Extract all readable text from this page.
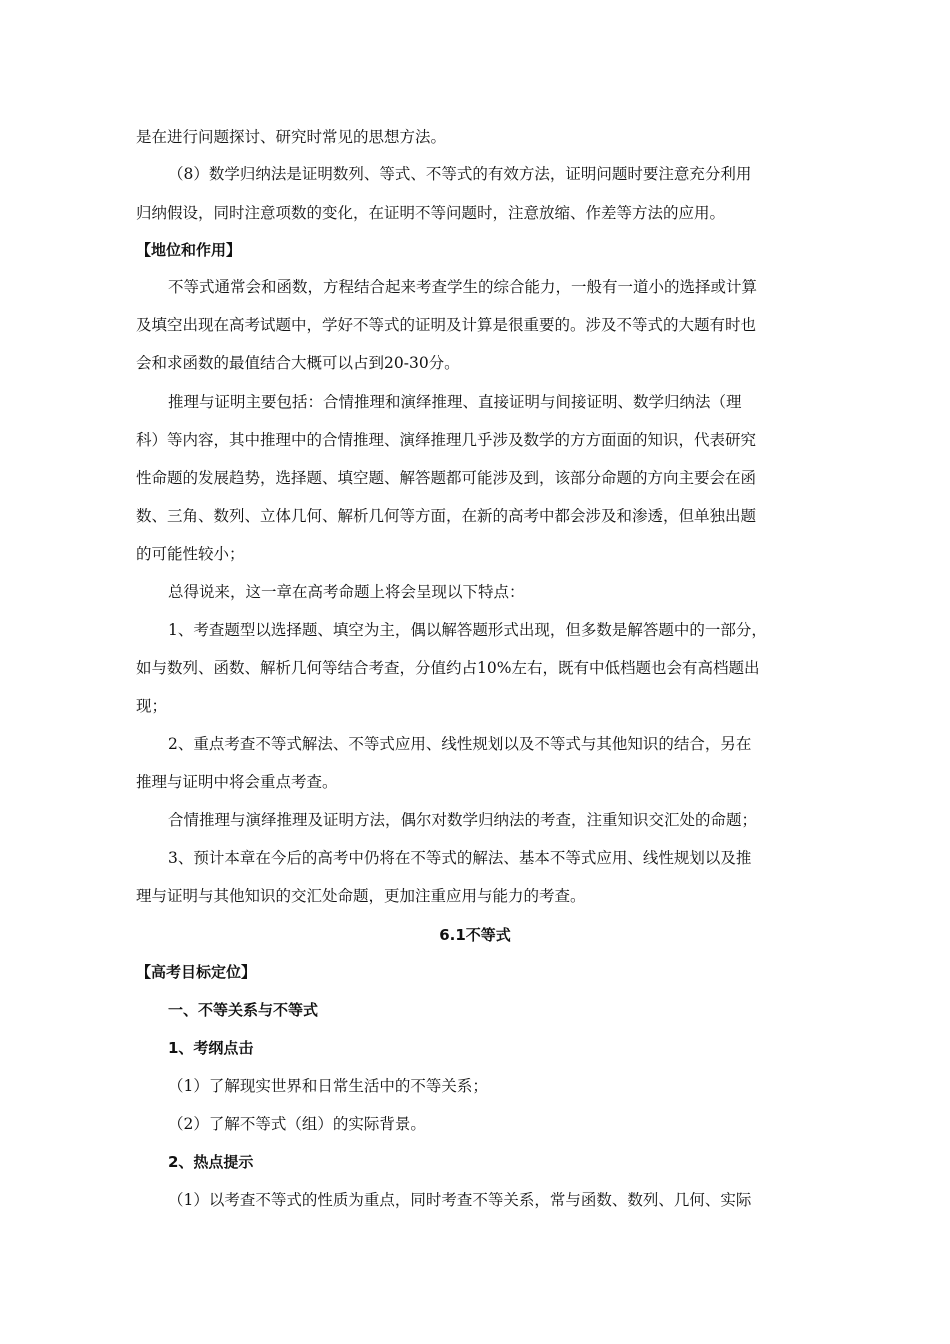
是在进行问题探讨、研究时常见的思想方法。
（8）数学归纳法是证明数列、等式、不等式的有效方法，证明问题时要注意充分利用
归纳假设，同时注意项数的变化，在证明不等问题时，注意放缩、作差等方法的应用。
【地位和作用】
不等式通常会和函数，方程结合起来考查学生的综合能力，一般有一道小的选择或计算
及填空出现在高考试题中，学好不等式的证明及计算是很重要的。涉及不等式的大题有时也
会和求函数的最值结合大概可以占到20-30分。
推理与证明主要包括：合情推理和演绎推理、直接证明与间接证明、数学归纳法（理
科）等内容，其中推理中的合情推理、演绎推理几乎涉及数学的方方面面的知识，代表研究
性命题的发展趋势，选择题、填空题、解答题都可能涉及到，该部分命题的方向主要会在函
数、三角、数列、立体几何、解析几何等方面，在新的高考中都会涉及和渗透，但单独出题
的可能性较小；
总得说来，这一章在高考命题上将会呈现以下特点：
1、考查题型以选择题、填空为主，偶以解答题形式出现，但多数是解答题中的一部分，
如与数列、函数、解析几何等结合考查，分值约占10%左右，既有中低档题也会有高档题出
现；
2、重点考查不等式解法、不等式应用、线性规划以及不等式与其他知识的结合，另在
推理与证明中将会重点考查。
合情推理与演绎推理及证明方法，偶尔对数学归纳法的考查，注重知识交汇处的命题；
3、预计本章在今后的高考中仍将在不等式的解法、基本不等式应用、线性规划以及推
理与证明与其他知识的交汇处命题，更加注重应用与能力的考查。
6.1不等式
【高考目标定位】
一、不等关系与不等式
1、考纲点击
（1）了解现实世界和日常生活中的不等关系；
（2）了解不等式（组）的实际背景。
2、热点提示
（1）以考查不等式的性质为重点，同时考查不等关系，常与函数、数列、几何、实际
